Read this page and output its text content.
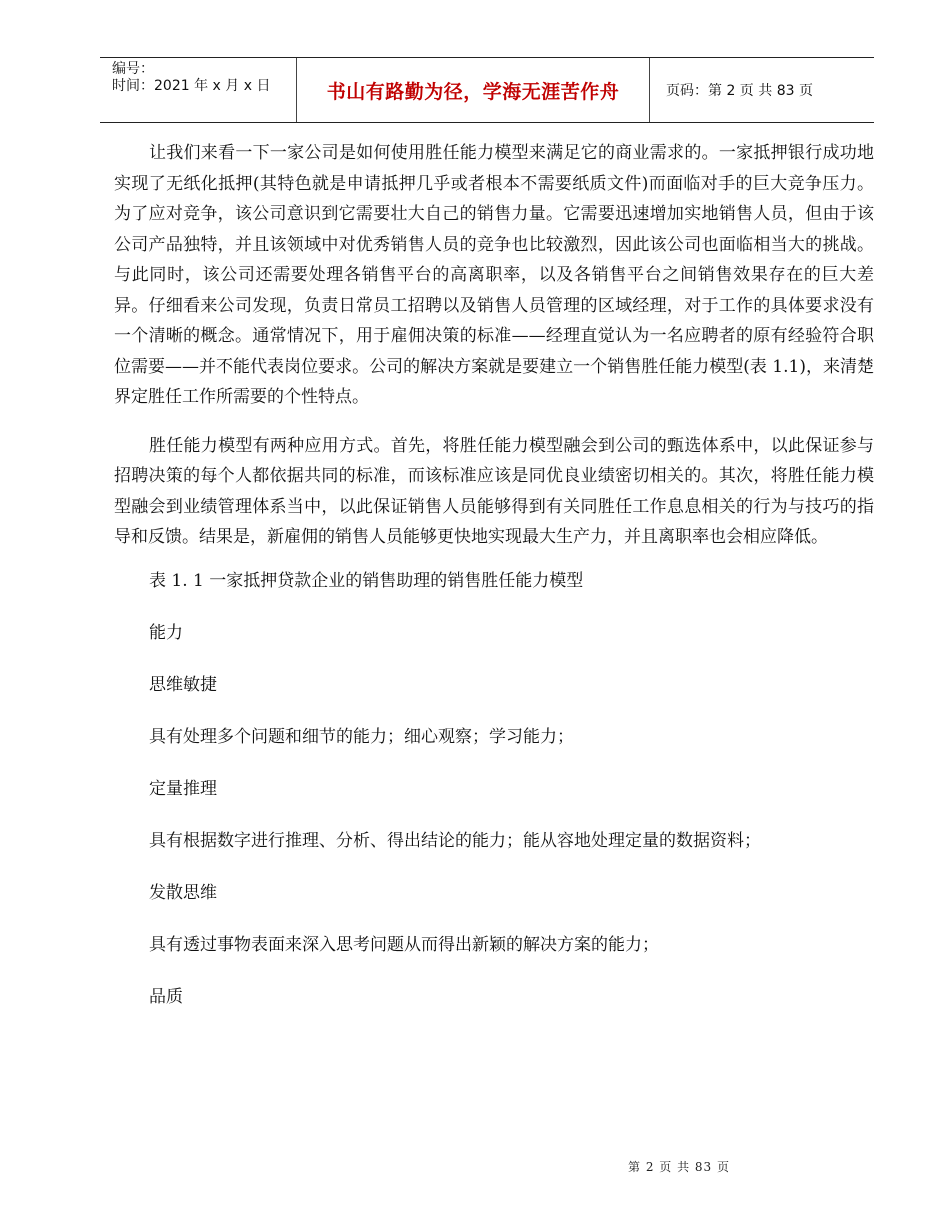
编号：
时间：2021 年 x 月 x 日	书山有路勤为径，学海无涯苦作舟	页码：第 2 页 共 83 页

让我们来看一下一家公司是如何使用胜任能力模型来满足它的商业需求的。一家抵押银行成功地实现了无纸化抵押(其特色就是申请抵押几乎或者根本不需要纸质文件)而面临对手的巨大竞争压力。为了应对竞争，该公司意识到它需要壮大自己的销售力量。它需要迅速增加实地销售人员，但由于该公司产品独特，并且该领域中对优秀销售人员的竞争也比较激烈，因此该公司也面临相当大的挑战。与此同时，该公司还需要处理各销售平台的高离职率，以及各销售平台之间销售效果存在的巨大差异。仔细看来公司发现，负责日常员工招聘以及销售人员管理的区域经理，对于工作的具体要求没有一个清晰的概念。通常情况下，用于雇佣决策的标准——经理直觉认为一名应聘者的原有经验符合职位需要——并不能代表岗位要求。公司的解决方案就是要建立一个销售胜任能力模型(表 1.1)，来清楚界定胜任工作所需要的个性特点。

胜任能力模型有两种应用方式。首先，将胜任能力模型融会到公司的甄选体系中，以此保证参与招聘决策的每个人都依据共同的标准，而该标准应该是同优良业绩密切相关的。其次，将胜任能力模型融会到业绩管理体系当中，以此保证销售人员能够得到有关同胜任工作息息相关的行为与技巧的指导和反馈。结果是，新雇佣的销售人员能够更快地实现最大生产力，并且离职率也会相应降低。

表 1. 1 一家抵押贷款企业的销售助理的销售胜任能力模型

能力

思维敏捷

具有处理多个问题和细节的能力；细心观察；学习能力；

定量推理

具有根据数字进行推理、分析、得出结论的能力；能从容地处理定量的数据资料；

发散思维

具有透过事物表面来深入思考问题从而得出新颖的解决方案的能力；

品质

第 2 页 共 83 页
